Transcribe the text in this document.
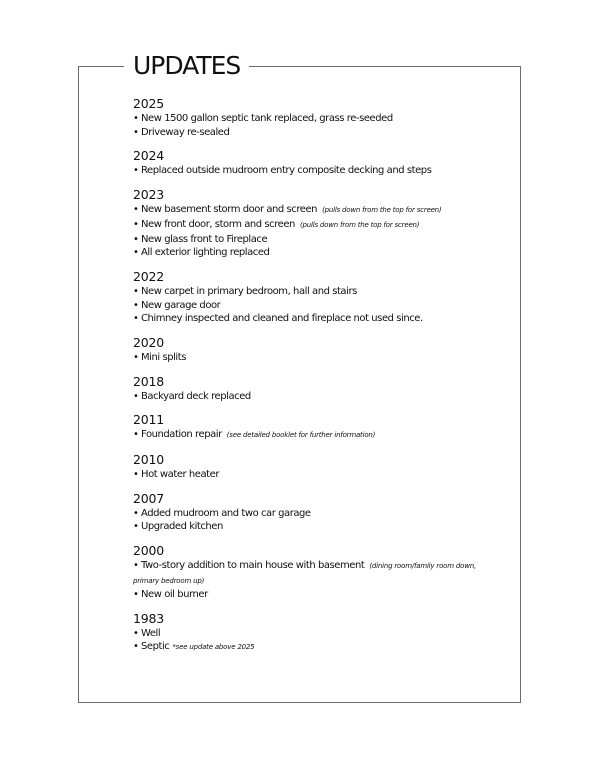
UPDATES
2025
• New 1500 gallon septic tank replaced, grass re-seeded
• Driveway re-sealed
2024
• Replaced outside mudroom entry composite decking and steps
2023
• New basement storm door and screen (pulls down from the top for screen)
• New front door, storm and screen (pulls down from the top for screen)
• New glass front to Fireplace
• All exterior lighting replaced
2022
• New carpet in primary bedroom, hall and stairs
• New garage door
• Chimney inspected and cleaned and fireplace not used since.
2020
• Mini splits
2018
• Backyard deck replaced
2011
• Foundation repair (see detailed booklet for further information)
2010
• Hot water heater
2007
• Added mudroom and two car garage
• Upgraded kitchen
2000
• Two-story addition to main house with basement (dining room/family room down, primary bedroom up)
• New oil burner
1983
• Well
• Septic *see update above 2025
